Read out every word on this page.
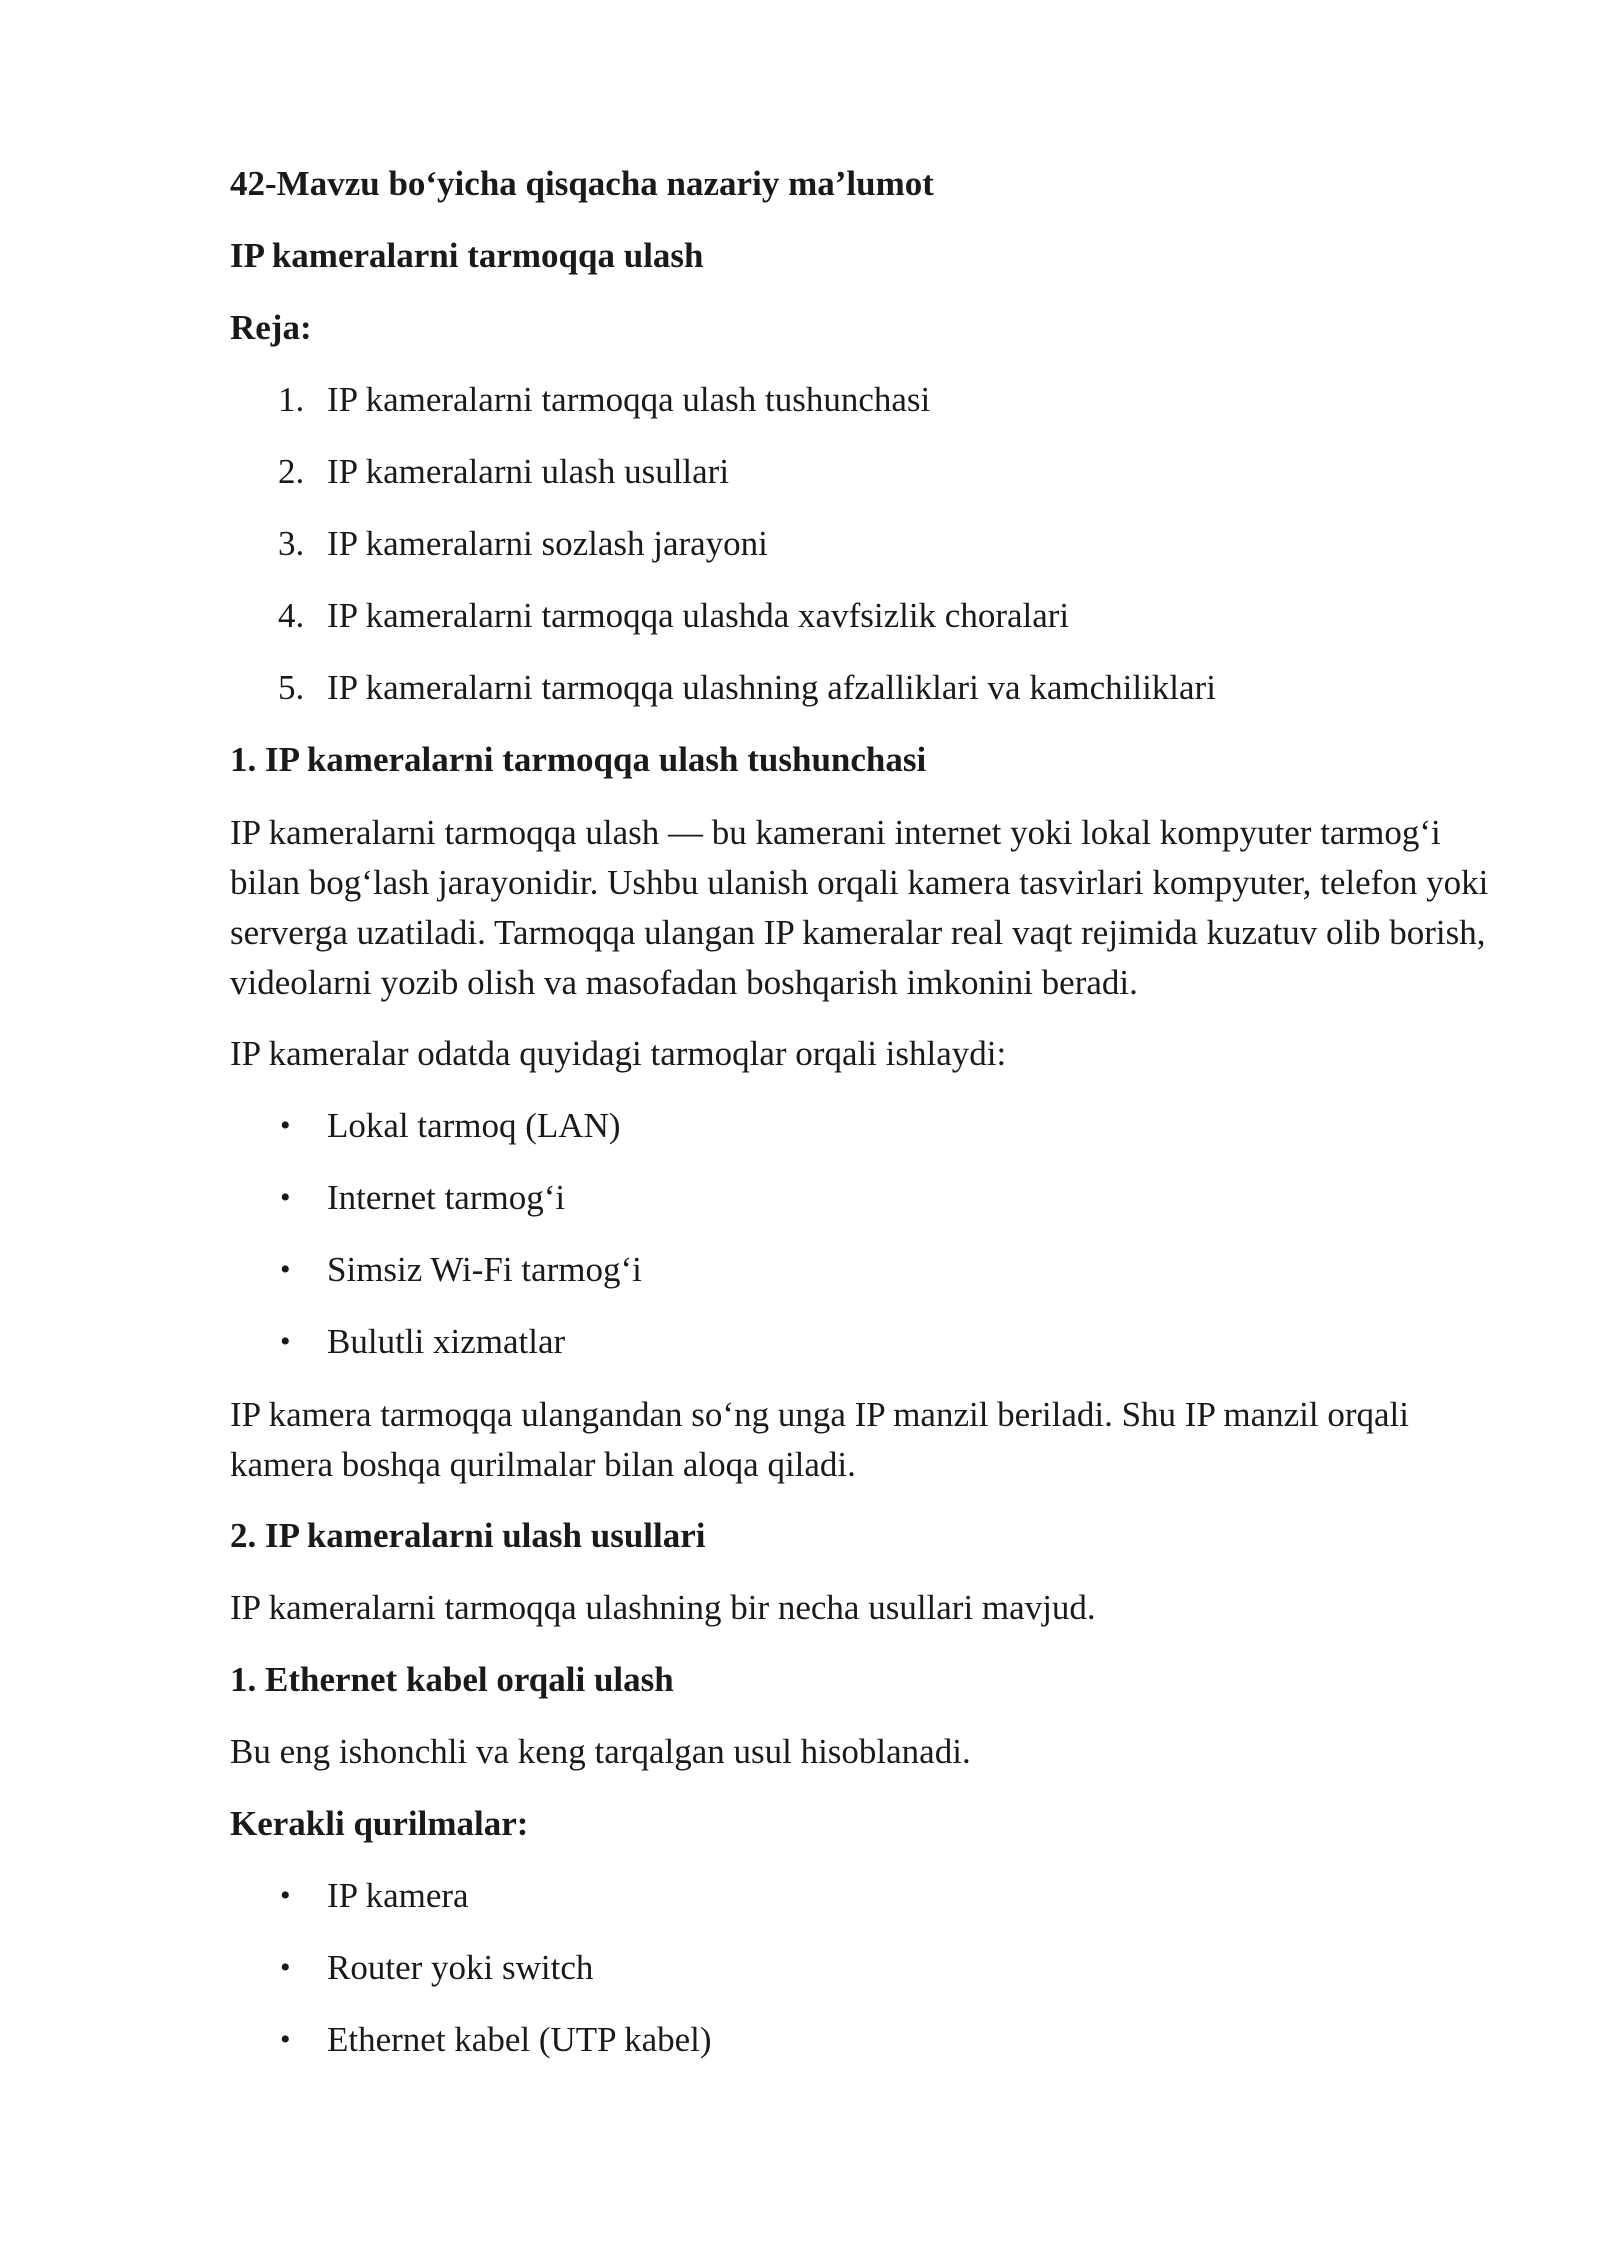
42-Mavzu bo‘yicha qisqacha nazariy ma’lumot
IP kameralarni tarmoqqa ulash
Reja:
1. IP kameralarni tarmoqqa ulash tushunchasi
2. IP kameralarni ulash usullari
3. IP kameralarni sozlash jarayoni
4. IP kameralarni tarmoqqa ulashda xavfsizlik choralari
5. IP kameralarni tarmoqqa ulashning afzalliklari va kamchiliklari
1. IP kameralarni tarmoqqa ulash tushunchasi
IP kameralarni tarmoqqa ulash — bu kamerani internet yoki lokal kompyuter tarmog‘i bilan bog‘lash jarayonidir. Ushbu ulanish orqali kamera tasvirlari kompyuter, telefon yoki serverga uzatiladi. Tarmoqqa ulangan IP kameralar real vaqt rejimida kuzatuv olib borish, videolarni yozib olish va masofadan boshqarish imkonini beradi.
IP kameralar odatda quyidagi tarmoqlar orqali ishlaydi:
•	Lokal tarmoq (LAN)
•	Internet tarmog‘i
•	Simsiz Wi-Fi tarmog‘i
•	Bulutli xizmatlar
IP kamera tarmoqqa ulangandan so‘ng unga IP manzil beriladi. Shu IP manzil orqali kamera boshqa qurilmalar bilan aloqa qiladi.
2. IP kameralarni ulash usullari
IP kameralarni tarmoqqa ulashning bir necha usullari mavjud.
1. Ethernet kabel orqali ulash
Bu eng ishonchli va keng tarqalgan usul hisoblanadi.
Kerakli qurilmalar:
•	IP kamera
•	Router yoki switch
•	Ethernet kabel (UTP kabel)
